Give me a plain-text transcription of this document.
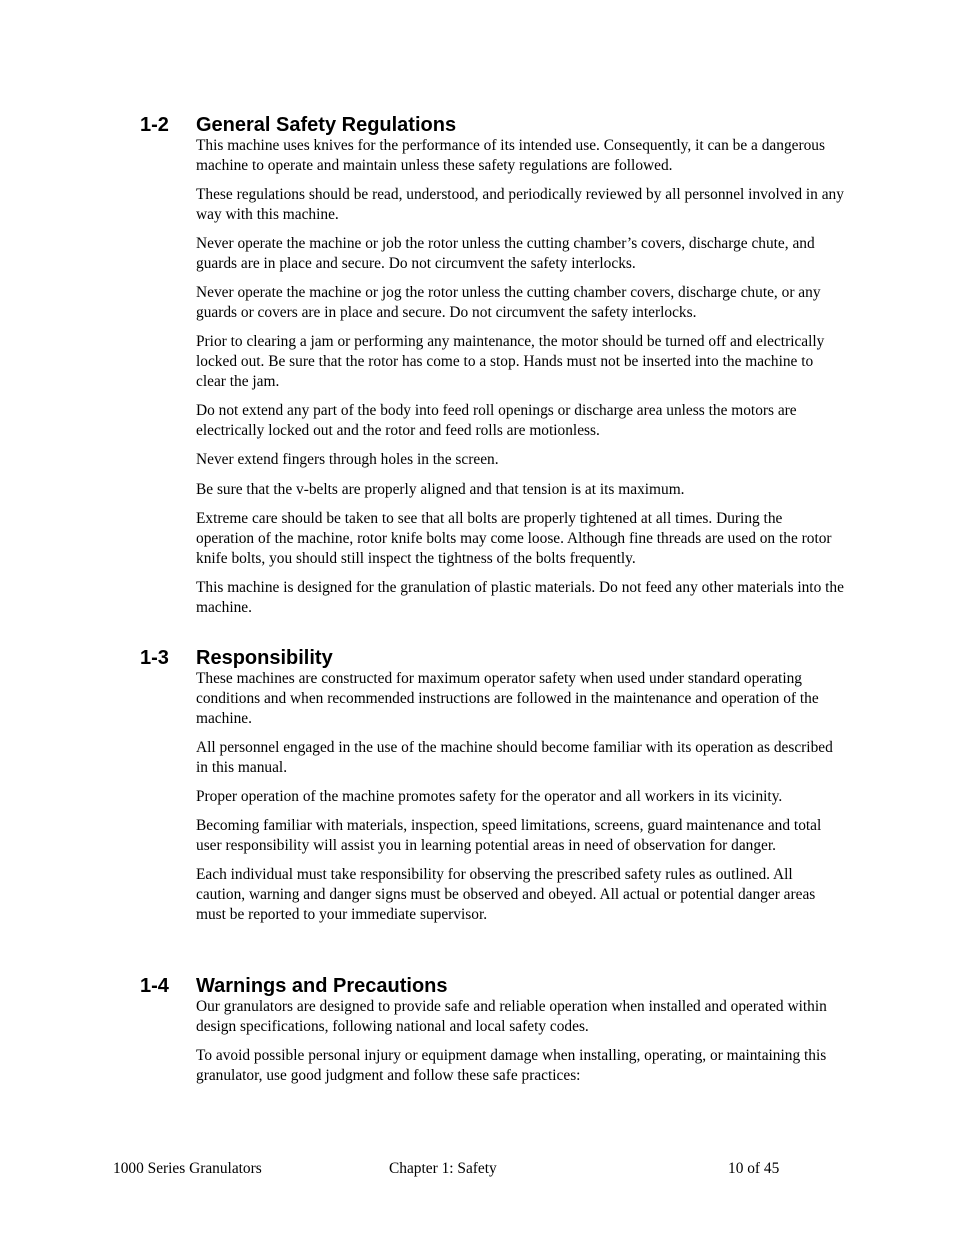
1-2	General Safety Regulations

This machine uses knives for the performance of its intended use. Consequently, it can be a dangerous machine to operate and maintain unless these safety regulations are followed.

These regulations should be read, understood, and periodically reviewed by all personnel involved in any way with this machine.

Never operate the machine or job the rotor unless the cutting chamber’s covers, discharge chute, and guards are in place and secure. Do not circumvent the safety interlocks.

Never operate the machine or jog the rotor unless the cutting chamber covers, discharge chute, or any guards or covers are in place and secure. Do not circumvent the safety interlocks.

Prior to clearing a jam or performing any maintenance, the motor should be turned off and electrically locked out. Be sure that the rotor has come to a stop. Hands must not be inserted into the machine to clear the jam.

Do not extend any part of the body into feed roll openings or discharge area unless the motors are electrically locked out and the rotor and feed rolls are motionless.

Never extend fingers through holes in the screen.

Be sure that the v-belts are properly aligned and that tension is at its maximum.

Extreme care should be taken to see that all bolts are properly tightened at all times. During the operation of the machine, rotor knife bolts may come loose. Although fine threads are used on the rotor knife bolts, you should still inspect the tightness of the bolts frequently.

This machine is designed for the granulation of plastic materials. Do not feed any other materials into the machine.

1-3	Responsibility

These machines are constructed for maximum operator safety when used under standard operating conditions and when recommended instructions are followed in the maintenance and operation of the machine.

All personnel engaged in the use of the machine should become familiar with its operation as described in this manual.

Proper operation of the machine promotes safety for the operator and all workers in its vicinity.

Becoming familiar with materials, inspection, speed limitations, screens, guard maintenance and total user responsibility will assist you in learning potential areas in need of observation for danger.

Each individual must take responsibility for observing the prescribed safety rules as outlined. All caution, warning and danger signs must be observed and obeyed. All actual or potential danger areas must be reported to your immediate supervisor.

1-4	Warnings and Precautions

Our granulators are designed to provide safe and reliable operation when installed and operated within design specifications, following national and local safety codes.

To avoid possible personal injury or equipment damage when installing, operating, or maintaining this granulator, use good judgment and follow these safe practices:

1000 Series Granulators	Chapter 1: Safety	10 of 45
